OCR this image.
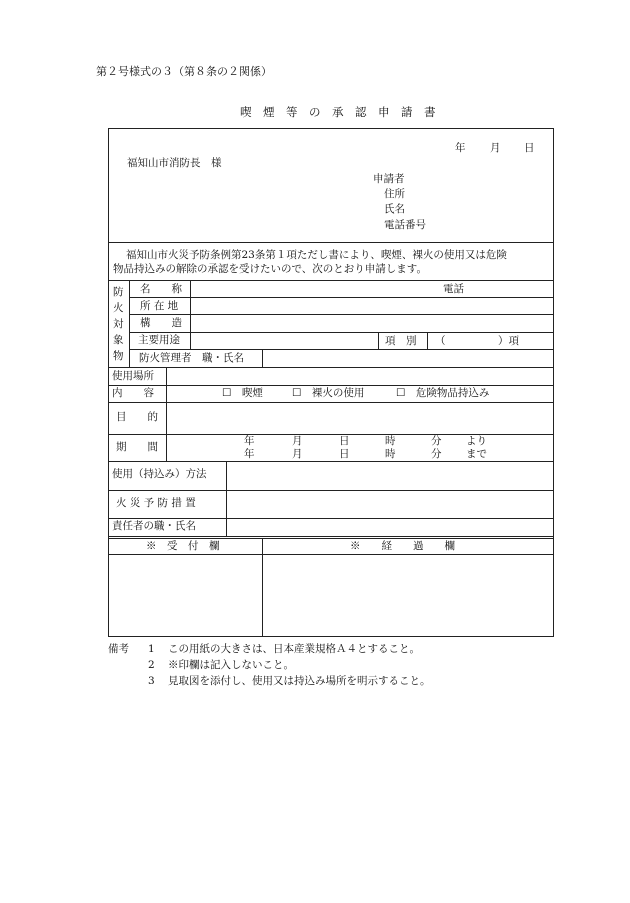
第２号様式の３（第８条の２関係）
喫　煙　等　の　承　認　申　請　書
年 月 日
福知山市消防長　様
申請者
住所
氏名
電話番号
福知山市火災予防条例第23条第１項ただし書により、喫煙、裸火の使用又は危険
物品持込みの解除の承認を受けたいので、次のとおり申請します。
防
火
対
象
物
名　　称	電話
所 在 地
構　　造
主要用途	項　別 （　　　　　）項
防火管理者　職・氏名
使用場所
内　　容	☐　喫煙	☐　裸火の使用	☐　危険物品持込み
目　　的
期　　間	年	月	日	時	分 より
年	月	日	時	分 まで
使用（持込み）方法
火 災 予 防 措 置
責任者の職・氏名
※　受　付　欄	※　　経　　過　　欄
備考 1 この用紙の大きさは、日本産業規格Ａ４とすること。
2 ※印欄は記入しないこと。
3 見取図を添付し、使用又は持込み場所を明示すること。
